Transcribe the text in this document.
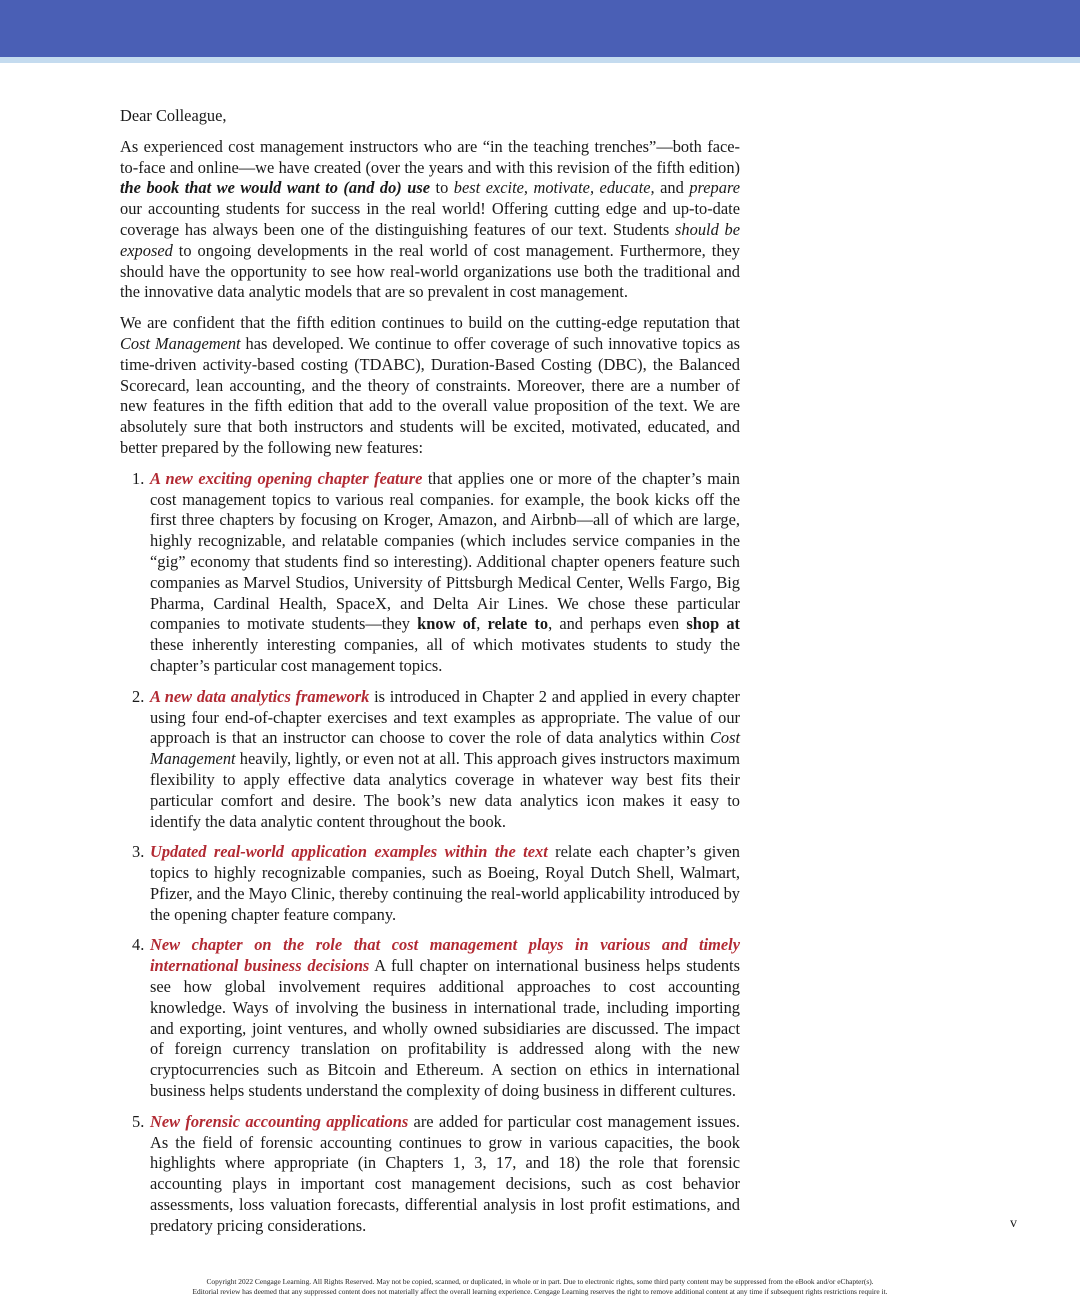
Dear Colleague,

As experienced cost management instructors who are “in the teaching trenches”—both face-to-face and online—we have created (over the years and with this revision of the fifth edition) the book that we would want to (and do) use to best excite, motivate, educate, and prepare our accounting students for success in the real world! Offering cutting edge and up-to-date coverage has always been one of the distinguishing features of our text. Students should be exposed to ongoing developments in the real world of cost management. Furthermore, they should have the opportunity to see how real-world organizations use both the traditional and the innovative data analytic models that are so prevalent in cost management.

We are confident that the fifth edition continues to build on the cutting-edge reputation that Cost Management has developed. We continue to offer coverage of such innovative topics as time-driven activity-based costing (TDABC), Duration-Based Costing (DBC), the Balanced Scorecard, lean accounting, and the theory of constraints. Moreover, there are a number of new features in the fifth edition that add to the overall value proposition of the text. We are absolutely sure that both instructors and students will be excited, motivated, educated, and better prepared by the following new features:

1. A new exciting opening chapter feature that applies one or more of the chapter’s main cost management topics to various real companies. for example, the book kicks off the first three chapters by focusing on Kroger, Amazon, and Airbnb—all of which are large, highly recognizable, and relatable companies (which includes service companies in the “gig” economy that students find so interesting). Additional chapter openers feature such companies as Marvel Studios, University of Pittsburgh Medical Center, Wells Fargo, Big Pharma, Cardinal Health, SpaceX, and Delta Air Lines. We chose these particular companies to motivate students—they know of, relate to, and perhaps even shop at these inherently interesting companies, all of which motivates students to study the chapter’s particular cost management topics.
2. A new data analytics framework is introduced in Chapter 2 and applied in every chapter using four end-of-chapter exercises and text examples as appropriate. The value of our approach is that an instructor can choose to cover the role of data analytics within Cost Management heavily, lightly, or even not at all. This approach gives instructors maximum flexibility to apply effective data analytics coverage in whatever way best fits their particular comfort and desire. The book’s new data analytics icon makes it easy to identify the data analytic content throughout the book.
3. Updated real-world application examples within the text relate each chapter’s given topics to highly recognizable companies, such as Boeing, Royal Dutch Shell, Walmart, Pfizer, and the Mayo Clinic, thereby continuing the real-world applicability introduced by the opening chapter feature company.
4. New chapter on the role that cost management plays in various and timely international business decisions A full chapter on international business helps students see how global involvement requires additional approaches to cost accounting knowledge. Ways of involving the business in international trade, including importing and exporting, joint ventures, and wholly owned subsidiaries are discussed. The impact of foreign currency translation on profitability is addressed along with the new cryptocurrencies such as Bitcoin and Ethereum. A section on ethics in international business helps students understand the complexity of doing business in different cultures.
5. New forensic accounting applications are added for particular cost management issues. As the field of forensic accounting continues to grow in various capacities, the book highlights where appropriate (in Chapters 1, 3, 17, and 18) the role that forensic accounting plays in important cost management decisions, such as cost behavior assessments, loss valuation forecasts, differential analysis in lost profit estimations, and predatory pricing considerations.	v
Copyright 2022 Cengage Learning. All Rights Reserved. May not be copied, scanned, or duplicated, in whole or in part. Due to electronic rights, some third party content may be suppressed from the eBook and/or eChapter(s).
Editorial review has deemed that any suppressed content does not materially affect the overall learning experience. Cengage Learning reserves the right to remove additional content at any time if subsequent rights restrictions require it.
